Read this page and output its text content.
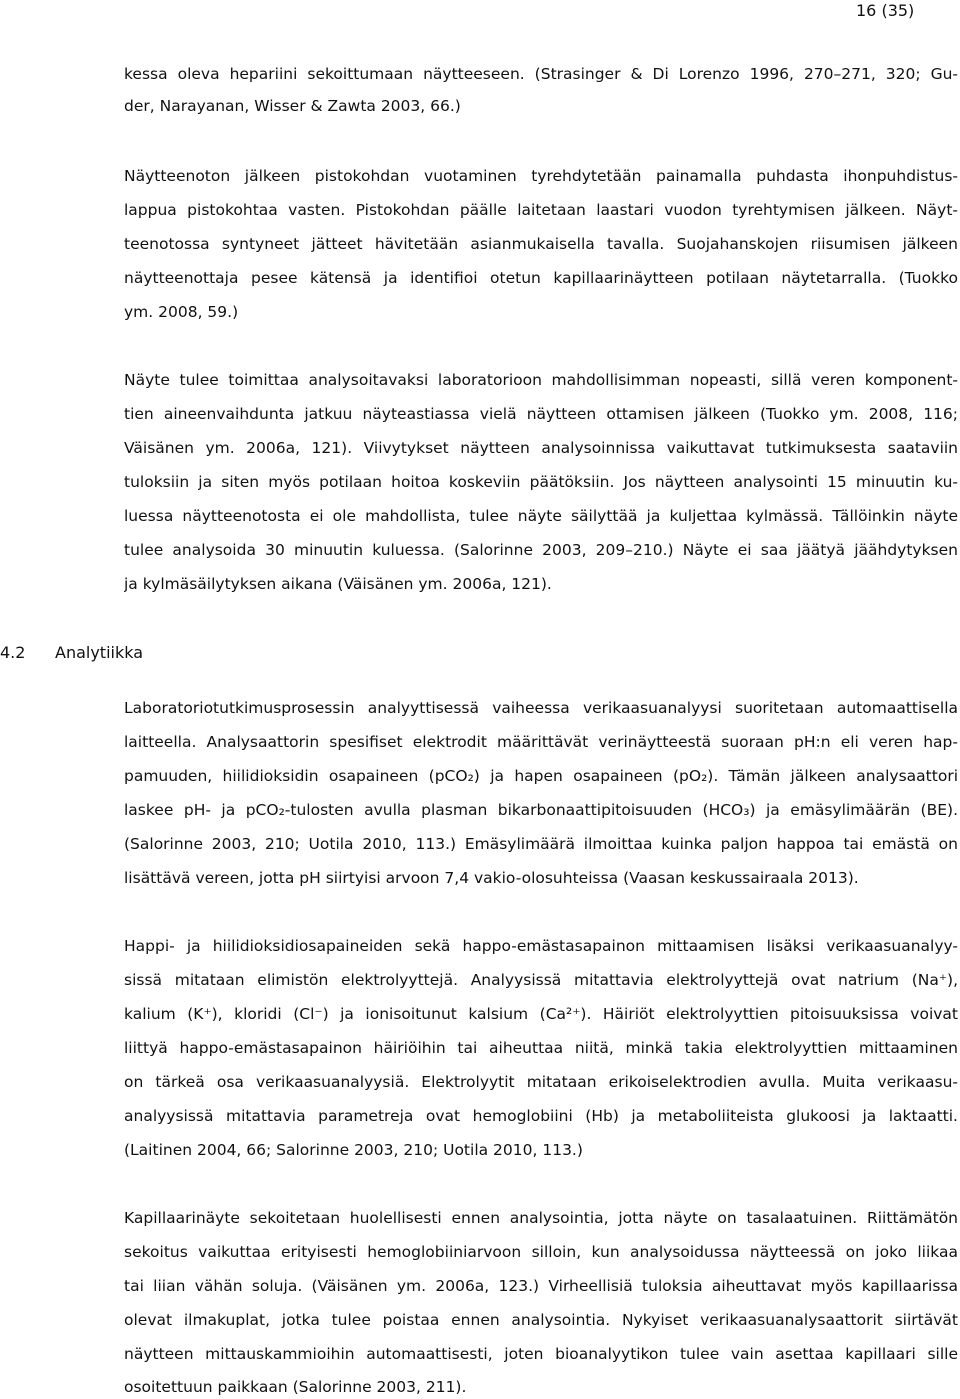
16 (35)
kessa oleva hepariini sekoittumaan näytteeseen. (Strasinger & Di Lorenzo 1996, 270–271, 320; Gu-
der, Narayanan, Wisser & Zawta 2003, 66.)
Näytteenoton jälkeen pistokohdan vuotaminen tyrehdytetään painamalla puhdasta ihonpuhdistus-
lappua pistokohtaa vasten. Pistokohdan päälle laitetaan laastari vuodon tyrehtymisen jälkeen. Näyt-
teenotossa syntyneet jätteet hävitetään asianmukaisella tavalla. Suojahanskojen riisumisen jälkeen
näytteenottaja pesee kätensä ja identifioi otetun kapillaarinäytteen potilaan näytetarralla. (Tuokko
ym. 2008, 59.)
Näyte tulee toimittaa analysoitavaksi laboratorioon mahdollisimman nopeasti, sillä veren komponent-
tien aineenvaihdunta jatkuu näyteastiassa vielä näytteen ottamisen jälkeen (Tuokko ym. 2008, 116;
Väisänen ym. 2006a, 121). Viivytykset näytteen analysoinnissa vaikuttavat tutkimuksesta saataviin
tuloksiin ja siten myös potilaan hoitoa koskeviin päätöksiin. Jos näytteen analysointi 15 minuutin ku-
luessa näytteenotosta ei ole mahdollista, tulee näyte säilyttää ja kuljettaa kylmässä. Tällöinkin näyte
tulee analysoida 30 minuutin kuluessa. (Salorinne 2003, 209–210.) Näyte ei saa jäätyä jäähdytyksen
ja kylmäsäilytyksen aikana (Väisänen ym. 2006a, 121).
4.2 Analytiikka
Laboratoriotutkimusprosessin analyyttisessä vaiheessa verikaasuanalyysi suoritetaan automaattisella
laitteella. Analysaattorin spesifiset elektrodit määrittävät verinäytteestä suoraan pH:n eli veren hap-
pamuuden, hiilidioksidin osapaineen (pCO₂) ja hapen osapaineen (pO₂). Tämän jälkeen analysaattori
laskee pH- ja pCO₂-tulosten avulla plasman bikarbonaattipitoisuuden (HCO₃) ja emäsylimäärän (BE).
(Salorinne 2003, 210; Uotila 2010, 113.) Emäsylimäärä ilmoittaa kuinka paljon happoa tai emästä on
lisättävä vereen, jotta pH siirtyisi arvoon 7,4 vakio-olosuhteissa (Vaasan keskussairaala 2013).
Happi- ja hiilidioksidiosapaineiden sekä happo-emästasapainon mittaamisen lisäksi verikaasuanalyy-
sissä mitataan elimistön elektrolyyttejä. Analyysissä mitattavia elektrolyyttejä ovat natrium (Na⁺),
kalium (K⁺), kloridi (Cl⁻) ja ionisoitunut kalsium (Ca²⁺). Häiriöt elektrolyyttien pitoisuuksissa voivat
liittyä happo-emästasapainon häiriöihin tai aiheuttaa niitä, minkä takia elektrolyyttien mittaaminen
on tärkeä osa verikaasuanalyysiä. Elektrolyytit mitataan erikoiselektrodien avulla. Muita verikaasu-
analyysissä mitattavia parametreja ovat hemoglobiini (Hb) ja metaboliiteista glukoosi ja laktaatti.
(Laitinen 2004, 66; Salorinne 2003, 210; Uotila 2010, 113.)
Kapillaarinäyte sekoitetaan huolellisesti ennen analysointia, jotta näyte on tasalaatuinen. Riittämätön
sekoitus vaikuttaa erityisesti hemoglobiiniarvoon silloin, kun analysoidussa näytteessä on joko liikaa
tai liian vähän soluja. (Väisänen ym. 2006a, 123.) Virheellisiä tuloksia aiheuttavat myös kapillaarissa
olevat ilmakuplat, jotka tulee poistaa ennen analysointia. Nykyiset verikaasuanalysaattorit siirtävät
näytteen mittauskammioihin automaattisesti, joten bioanalyytikon tulee vain asettaa kapillaari sille
osoitettuun paikkaan (Salorinne 2003, 211).
